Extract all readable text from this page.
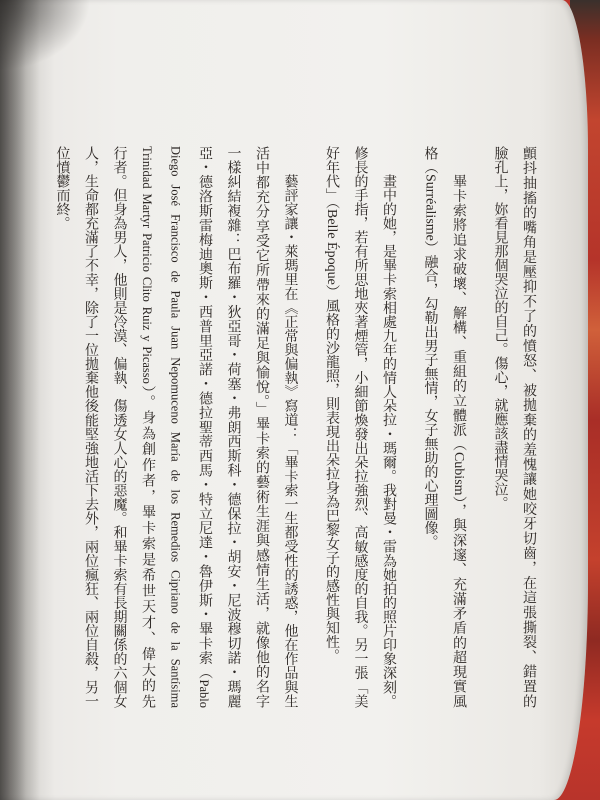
顫抖抽搐的嘴角是壓抑不了的憤怒、被拋棄的羞愧讓她咬牙切齒，在這張撕裂、錯置的
臉孔上，妳看見那個哭泣的自己。傷心，就應該盡情哭泣。
畢卡索將追求破壞、解構、重組的立體派（Cubism），與深邃、充滿矛盾的超現實風
格（Surréalisme）融合，勾勒出男子無情，女子無助的心理圖像。
畫中的她，是畢卡索相處九年的情人朵拉・瑪爾。我對曼・雷為她拍的照片印象深刻。
修長的手指，若有所思地夾著煙管，小細節煥發出朵拉強烈、高敏感度的自我。另一張「美
好年代」（Belle Époque）風格的沙龍照，則表現出朵拉身為巴黎女子的感性與知性。
藝評家讓・萊瑪里在《正常與偏執》寫道：「畢卡索一生都受性的誘惑，他在作品與生
活中都充分享受它所帶來的滿足與愉悅。」畢卡索的藝術生涯與感情生活，就像他的名字
一樣糾結複雜：巴布羅・狄亞哥・荷塞・弗朗西斯科・德保拉・胡安・尼波穆切諾・瑪麗
亞・德洛斯雷梅迪奧斯・西普里亞諾・德拉聖蒂西馬・特立尼達・魯伊斯・畢卡索（Pablo
Diego José Francisco de Paula Juan Nepomuceno María de los Remedios Cipriano de la Santísima
Trinidad Martyr Patricio Clito Ruiz y Picasso）。身為創作者，畢卡索是希世天才、偉大的先
行者。但身為男人，他則是冷漠、偏執、傷透女人心的惡魔。和畢卡索有長期關係的六個女
人，生命都充滿了不幸，除了一位拋棄他後能堅強地活下去外，兩位瘋狂、兩位自殺，另一
位憤鬱而終。
